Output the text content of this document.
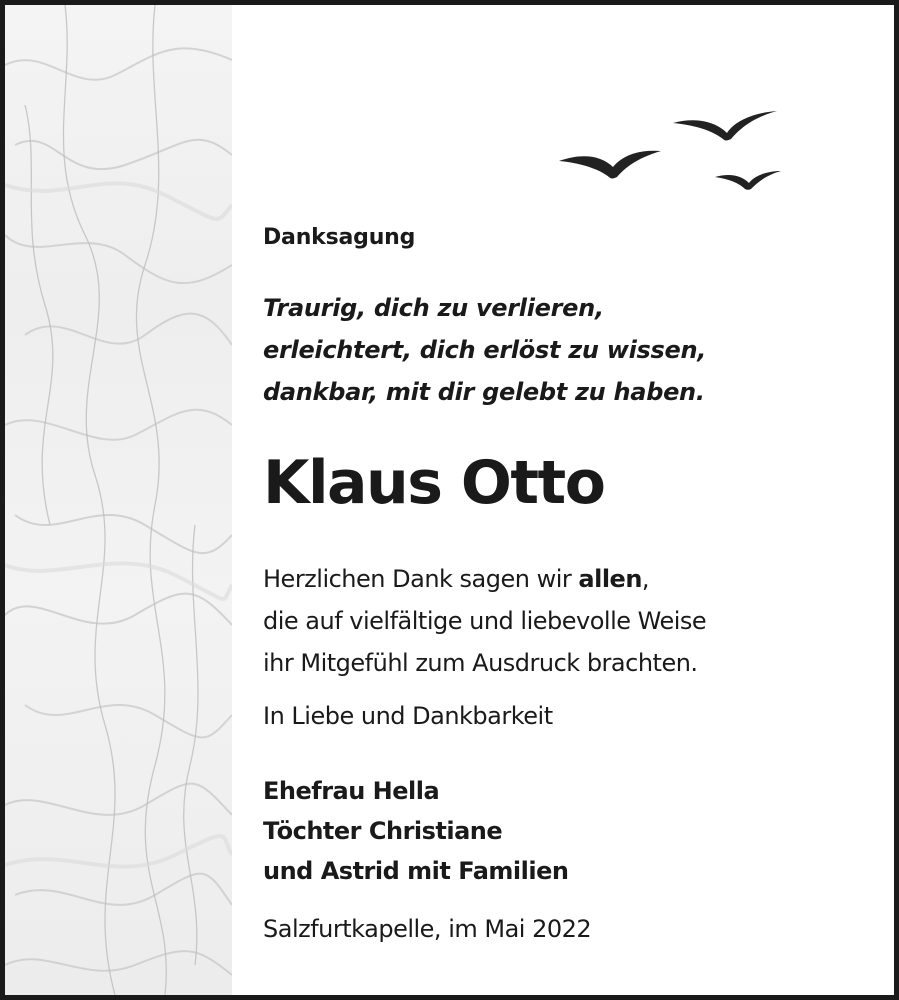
Danksagung
Traurig, dich zu verlieren,
erleichtert, dich erlöst zu wissen,
dankbar, mit dir gelebt zu haben.
Klaus Otto
Herzlichen Dank sagen wir allen,
die auf vielfältige und liebevolle Weise
ihr Mitgefühl zum Ausdruck brachten.
In Liebe und Dankbarkeit
Ehefrau Hella
Töchter Christiane
und Astrid mit Familien
Salzfurtkapelle, im Mai 2022
